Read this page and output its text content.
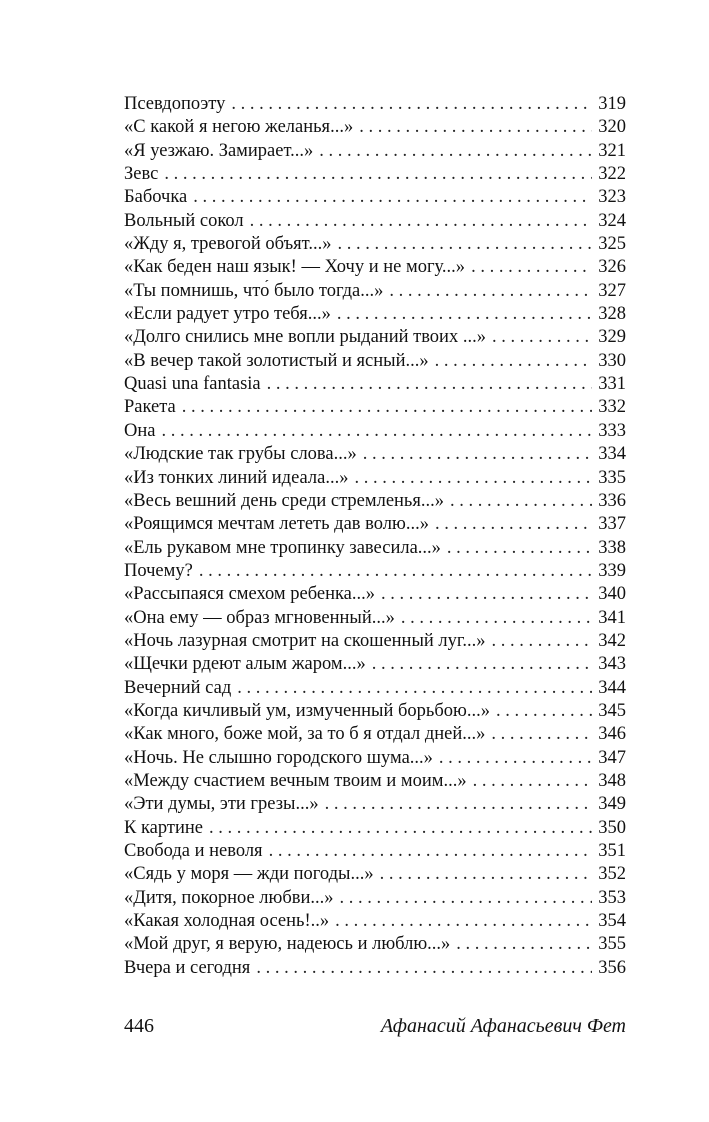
Псевдопоэту . . .	319
«С какой я негою желанья...» . . .	320
«Я уезжаю. Замирает...» . . .	321
Зевс . . .	322
Бабочка . . .	323
Вольный сокол . . .	324
«Жду я, тревогой объят...» . . .	325
«Как беден наш язык! — Хочу и не могу...» . . .	326
«Ты помнишь, что́ было тогда...» . . .	327
«Если радует утро тебя...» . . .	328
«Долго снились мне вопли рыданий твоих ...» . . .	329
«В вечер такой золотистый и ясный...» . . .	330
Quasi una fantasia . . .	331
Ракета . . .	332
Она . . .	333
«Людские так грубы слова...» . . .	334
«Из тонких линий идеала...» . . .	335
«Весь вешний день среди стремленья...» . . .	336
«Роящимся мечтам лететь дав волю...» . . .	337
«Ель рукавом мне тропинку завесила...» . . .	338
Почему? . . .	339
«Рассыпаяся смехом ребенка...» . . .	340
«Она ему — образ мгновенный...» . . .	341
«Ночь лазурная смотрит на скошенный луг...» . . .	342
«Щечки рдеют алым жаром...» . . .	343
Вечерний сад . . .	344
«Когда кичливый ум, измученный борьбою...» . . .	345
«Как много, боже мой, за то б я отдал дней...» . . .	346
«Ночь. Не слышно городского шума...» . . .	347
«Между счастием вечным твоим и моим...» . . .	348
«Эти думы, эти грезы...» . . .	349
К картине . . .	350
Свобода и неволя . . .	351
«Сядь у моря — жди погоды...» . . .	352
«Дитя, покорное любви...» . . .	353
«Какая холодная осень!..» . . .	354
«Мой друг, я верую, надеюсь и люблю...» . . .	355
Вчера и сегодня . . .	356
446	Афанасий Афанасьевич Фет
